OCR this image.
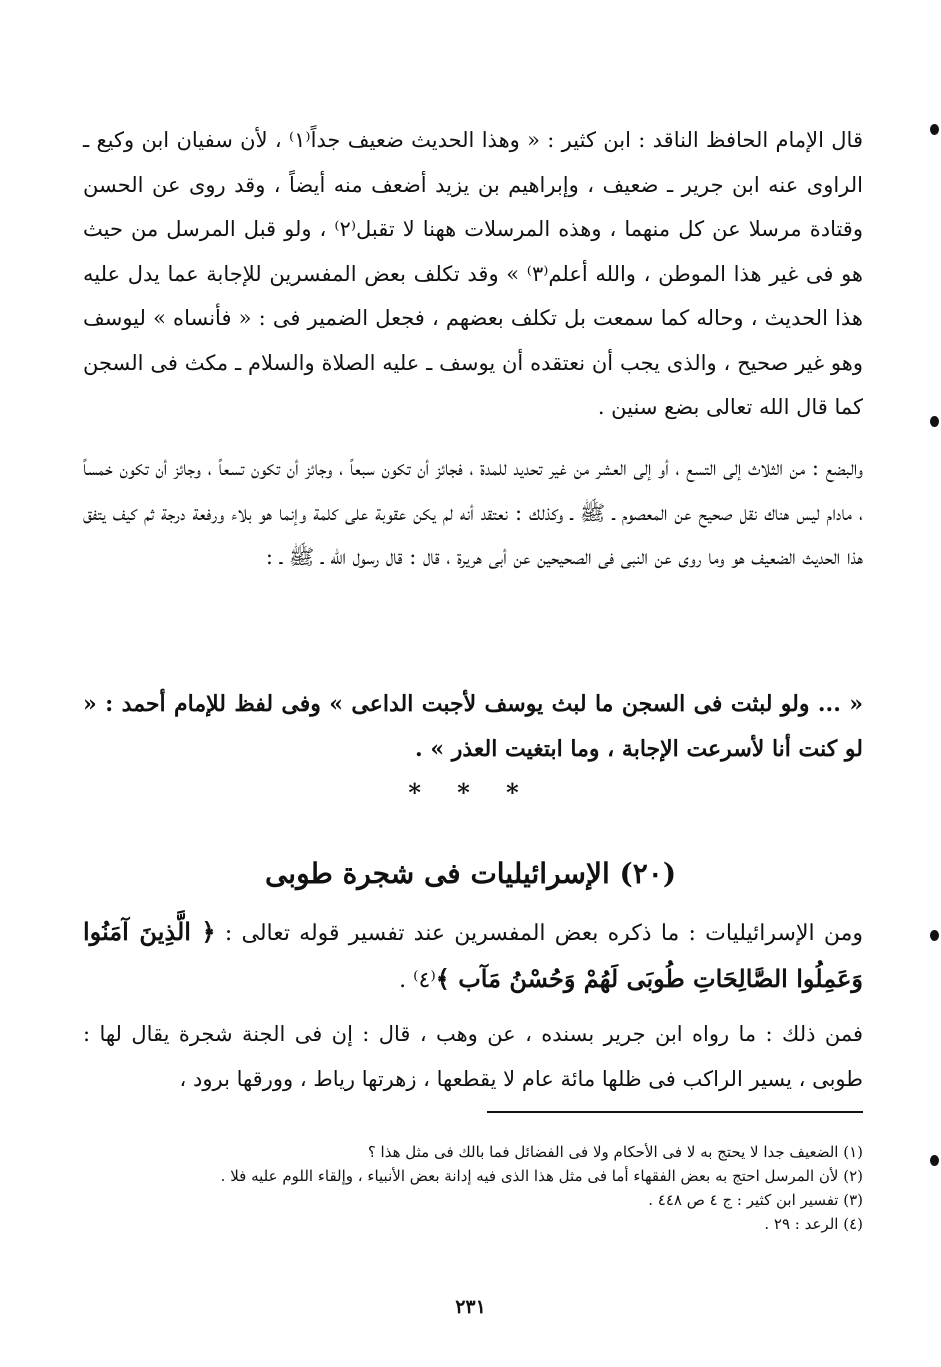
قال الإمام الحافظ الناقد : ابن كثير : « وهذا الحديث ضعيف جداً⁽١⁾ ، لأن سفيان ابن وكيع ـ الراوى عنه ابن جرير ـ ضعيف ، وإبراهيم بن يزيد أضعف منه أيضاً ، وقد روى عن الحسن وقتادة مرسلا عن كل منهما ، وهذه المرسلات ههنا لا تقبل⁽٢⁾ ، ولو قبل المرسل من حيث هو فى غير هذا الموطن ، والله أعلم⁽٣⁾ » وقد تكلف بعض المفسرين للإجابة عما يدل عليه هذا الحديث ، وحاله كما سمعت بل تكلف بعضهم ، فجعل الضمير فى : « فأنساه » ليوسف وهو غير صحيح ، والذى يجب أن نعتقده أن يوسف ـ عليه الصلاة والسلام ـ مكث فى السجن كما قال الله تعالى بضع سنين .

والبضع : من الثلاث إلى التسع ، أو إلى العشر من غير تحديد للمدة ، فجائز أن تكون سبعاً ، وجائز أن تكون تسعاً ، وجائز أن تكون خمساً ، مادام ليس هناك نقل صحيح عن المعصوم ـ ﷺ ـ وكذلك : نعتقد أنه لم يكن عقوبة على كلمة وإنما هو بلاء ورفعة درجة ثم كيف يتفق هذا الحديث الضعيف هو وما روى عن النبى فى الصحيحين عن أبى هريرة ، قال : قال رسول الله ـ ﷺ ـ :

« ... ولو لبثت فى السجن ما لبث يوسف لأجبت الداعى » وفى لفظ للإمام أحمد : « لو كنت أنا لأسرعت الإجابة ، وما ابتغيت العذر » .

* * *
(٢٠) الإسرائيليات فى شجرة طوبى

ومن الإسرائيليات : ما ذكره بعض المفسرين عند تفسير قوله تعالى : ﴿ الَّذِينَ آمَنُوا وَعَمِلُوا الصَّالِحَاتِ طُوبَى لَهُمْ وَحُسْنُ مَآب ﴾⁽٤⁾ .

فمن ذلك : ما رواه ابن جرير بسنده ، عن وهب ، قال : إن فى الجنة شجرة يقال لها : طوبى ، يسير الراكب فى ظلها مائة عام لا يقطعها ، زهرتها رياط ، وورقها برود ،

(١) الضعيف جدا لا يحتج به لا فى الأحكام ولا فى الفضائل فما بالك فى مثل هذا ؟
(٢) لأن المرسل احتج به بعض الفقهاء أما فى مثل هذا الذى فيه إدانة بعض الأنبياء ، وإلقاء اللوم عليه فلا .
(٣) تفسير ابن كثير : ج ٤ ص ٤٤٨ .
(٤) الرعد : ٢٩ .
٢٣١
